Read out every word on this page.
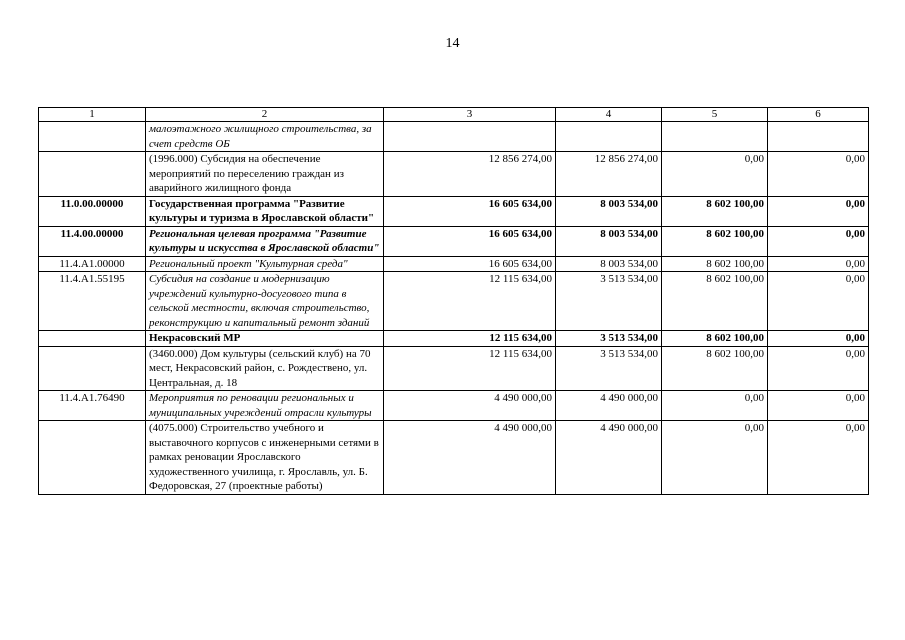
14
1	2	3	4	5	6
	малоэтажного жилищного строительства, за счет средств ОБ				
	(1996.000) Субсидия на обеспечение мероприятий по переселению граждан из аварийного жилищного фонда	12 856 274,00	12 856 274,00	0,00	0,00
11.0.00.00000	Государственная программа "Развитие культуры и туризма в Ярославской области"	16 605 634,00	8 003 534,00	8 602 100,00	0,00
11.4.00.00000	Региональная целевая программа "Развитие культуры и искусства в Ярославской области"	16 605 634,00	8 003 534,00	8 602 100,00	0,00
11.4.A1.00000	Региональный проект "Культурная среда"	16 605 634,00	8 003 534,00	8 602 100,00	0,00
11.4.A1.55195	Субсидия на создание и модернизацию учреждений культурно-досугового типа в сельской местности, включая строительство, реконструкцию и капитальный ремонт зданий	12 115 634,00	3 513 534,00	8 602 100,00	0,00
	Некрасовский МР	12 115 634,00	3 513 534,00	8 602 100,00	0,00
	(3460.000) Дом культуры (сельский клуб) на 70 мест, Некрасовский район, с. Рождествено, ул. Центральная, д. 18	12 115 634,00	3 513 534,00	8 602 100,00	0,00
11.4.A1.76490	Мероприятия по реновации региональных и муниципальных учреждений отрасли культуры	4 490 000,00	4 490 000,00	0,00	0,00
	(4075.000) Строительство учебного и выставочного корпусов с инженерными сетями в рамках реновации Ярославского художественного училища, г. Ярославль, ул. Б. Федоровская, 27 (проектные работы)	4 490 000,00	4 490 000,00	0,00	0,00
